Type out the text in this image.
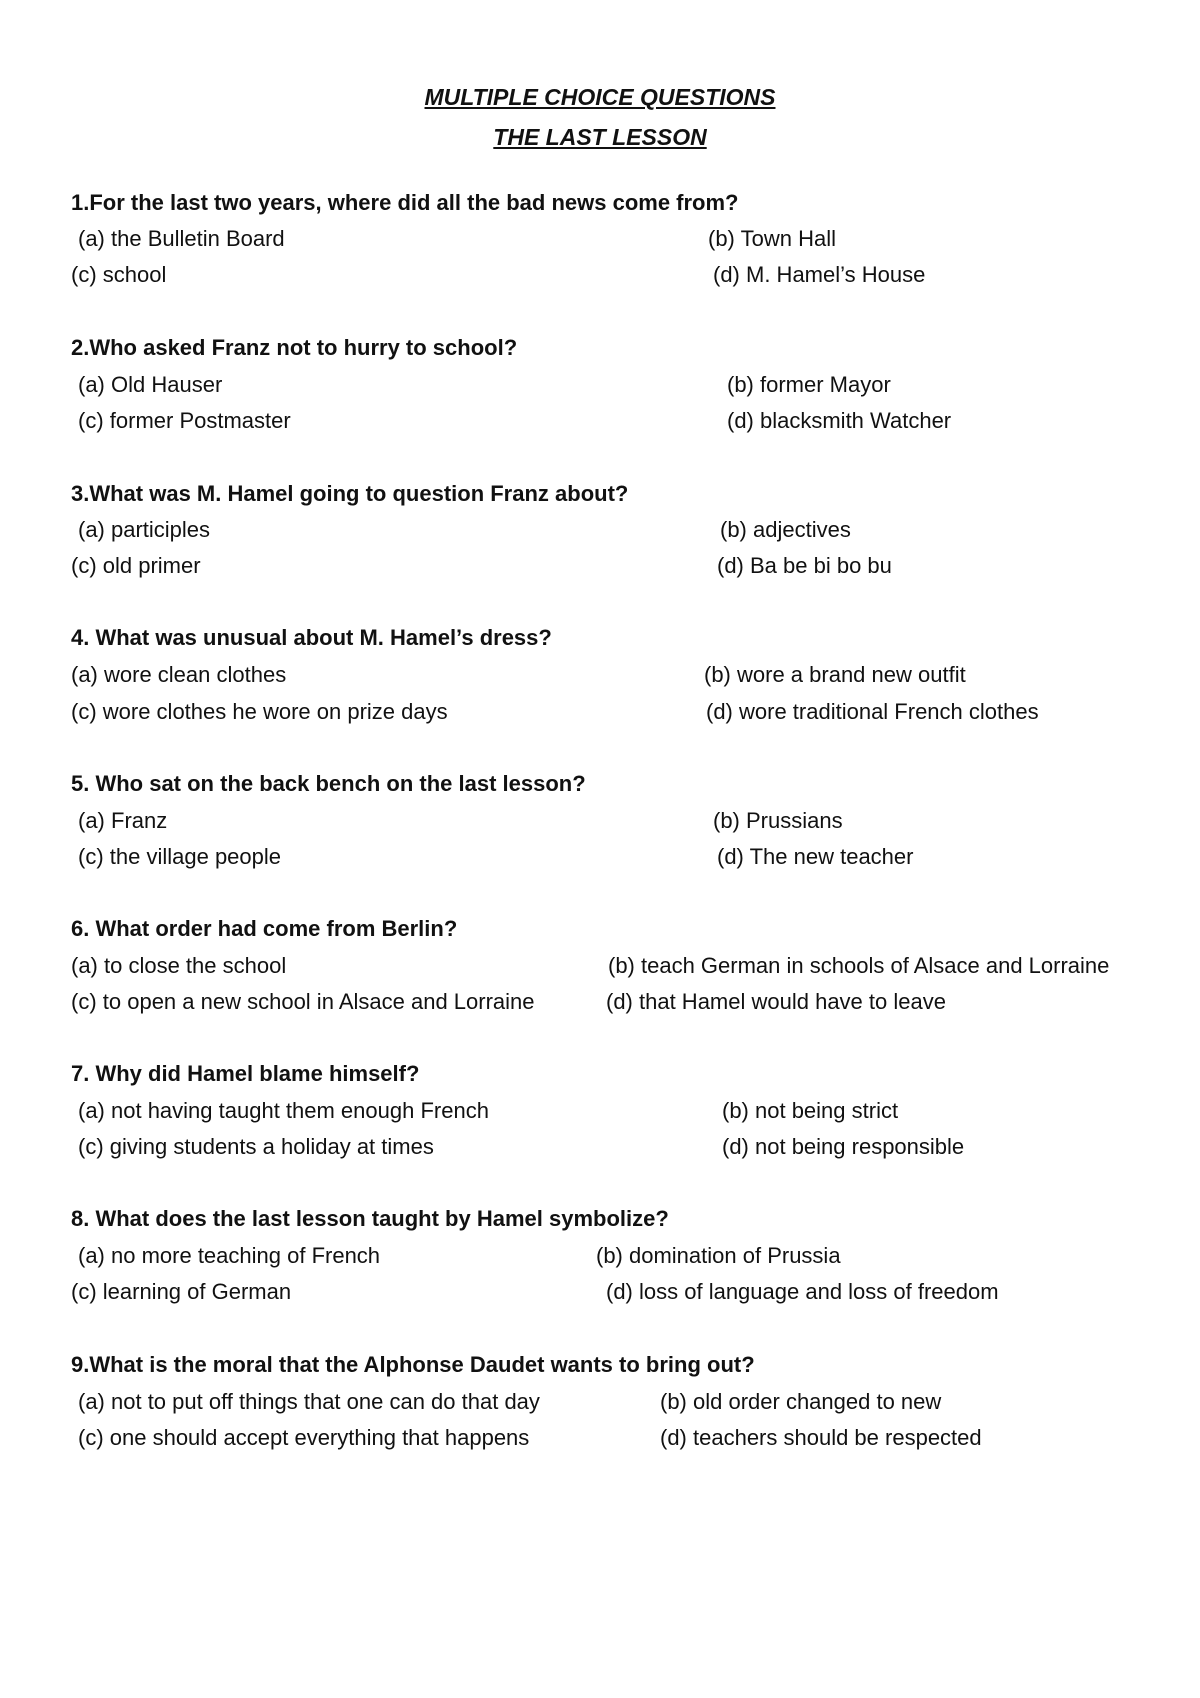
MULTIPLE CHOICE QUESTIONS

THE LAST LESSON

1.For the last two years, where did all the bad news come from?

(a) the Bulletin Board	(b) Town Hall

(c) school	(d) M. Hamel’s House

2.Who asked Franz not to hurry to school?

(a) Old Hauser	(b) former Mayor

(c) former Postmaster	(d) blacksmith Watcher

3.What was M. Hamel going to question Franz about?

(a) participles	(b) adjectives

(c) old primer	(d) Ba be bi bo bu

4. What was unusual about M. Hamel’s dress?

(a) wore clean clothes	(b) wore a brand new outfit

(c) wore clothes he wore on prize days	(d) wore traditional French clothes

5. Who sat on the back bench on the last lesson?

(a) Franz	(b) Prussians

(c) the village people	(d) The new teacher

6. What order had come from Berlin?

(a) to close the school	(b) teach German in schools of Alsace and Lorraine

(c) to open a new school in Alsace and Lorraine	(d) that Hamel would have to leave

7. Why did Hamel blame himself?

(a) not having taught them enough French	(b) not being strict

(c) giving students a holiday at times	(d) not being responsible

8. What does the last lesson taught by Hamel symbolize?

(a) no more teaching of French	(b) domination of Prussia

(c) learning of German	(d) loss of language and loss of freedom

9.What is the moral that the Alphonse Daudet wants to bring out?

(a) not to put off things that one can do that day	(b) old order changed to new

(c) one should accept everything that happens	(d) teachers should be respected
